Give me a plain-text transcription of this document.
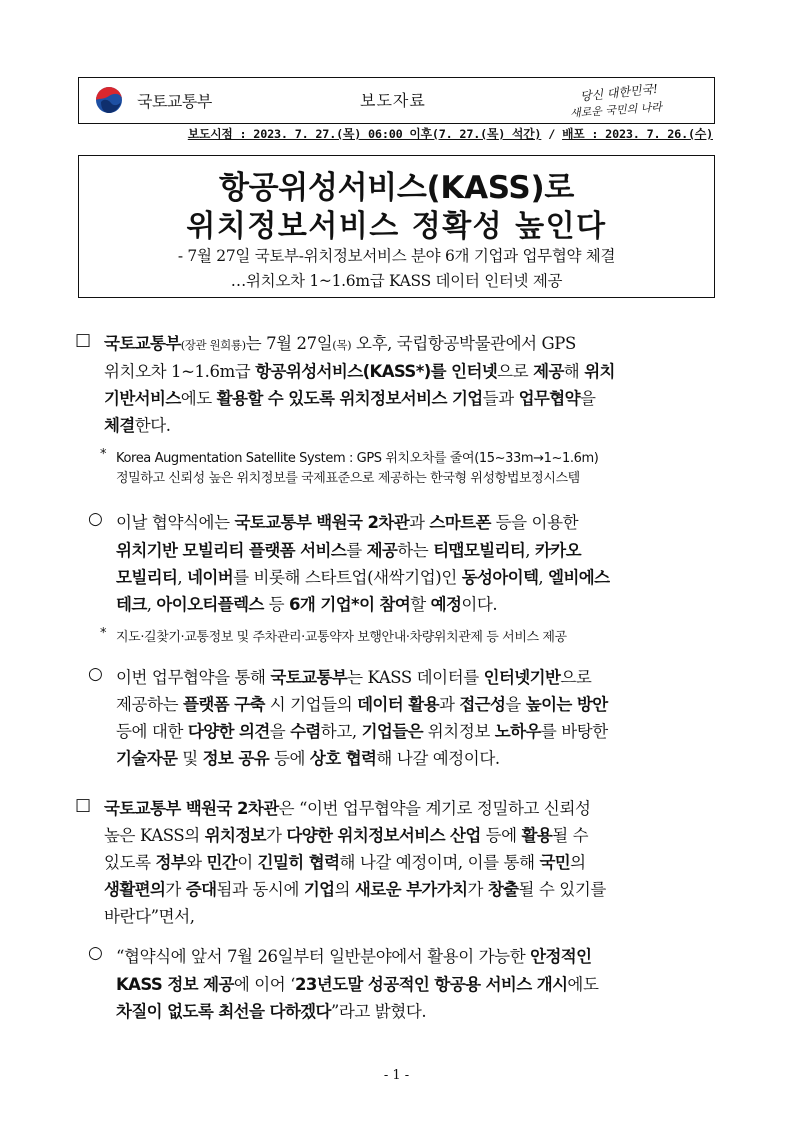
국토교통부	보도자료	당신 대한민국!
새로운 국민의 나라
보도시점 : 2023. 7. 27.(목) 06:00 이후(7. 27.(목) 석간) / 배포 : 2023. 7. 26.(수)
항공위성서비스(KASS)로
위치정보서비스 정확성 높인다
- 7월 27일 국토부-위치정보서비스 분야 6개 기업과 업무협약 체결
…위치오차 1~1.6m급 KASS 데이터 인터넷 제공
□ 국토교통부(장관 원희룡)는 7월 27일(목) 오후, 국립항공박물관에서 GPS
위치오차 1~1.6m급 항공위성서비스(KASS*)를 인터넷으로 제공해 위치
기반서비스에도 활용할 수 있도록 위치정보서비스 기업들과 업무협약을
체결한다.
* Korea Augmentation Satellite System : GPS 위치오차를 줄여(15~33m→1~1.6m)
정밀하고 신뢰성 높은 위치정보를 국제표준으로 제공하는 한국형 위성항법보정시스템
○ 이날 협약식에는 국토교통부 백원국 2차관과 스마트폰 등을 이용한
위치기반 모빌리티 플랫폼 서비스를 제공하는 티맵모빌리티, 카카오
모빌리티, 네이버를 비롯해 스타트업(새싹기업)인 동성아이텍, 엘비에스
테크, 아이오티플렉스 등 6개 기업*이 참여할 예정이다.
* 지도·길찾기·교통정보 및 주차관리·교통약자 보행안내·차량위치관제 등 서비스 제공
○ 이번 업무협약을 통해 국토교통부는 KASS 데이터를 인터넷기반으로
제공하는 플랫폼 구축 시 기업들의 데이터 활용과 접근성을 높이는 방안
등에 대한 다양한 의견을 수렴하고, 기업들은 위치정보 노하우를 바탕한
기술자문 및 정보 공유 등에 상호 협력해 나갈 예정이다.
□ 국토교통부 백원국 2차관은 “이번 업무협약을 계기로 정밀하고 신뢰성
높은 KASS의 위치정보가 다양한 위치정보서비스 산업 등에 활용될 수
있도록 정부와 민간이 긴밀히 협력해 나갈 예정이며, 이를 통해 국민의
생활편의가 증대됨과 동시에 기업의 새로운 부가가치가 창출될 수 있기를
바란다”면서,
○ “협약식에 앞서 7월 26일부터 일반분야에서 활용이 가능한 안정적인
KASS 정보 제공에 이어 ‘23년도말 성공적인 항공용 서비스 개시에도
차질이 없도록 최선을 다하겠다”라고 밝혔다.
- 1 -
